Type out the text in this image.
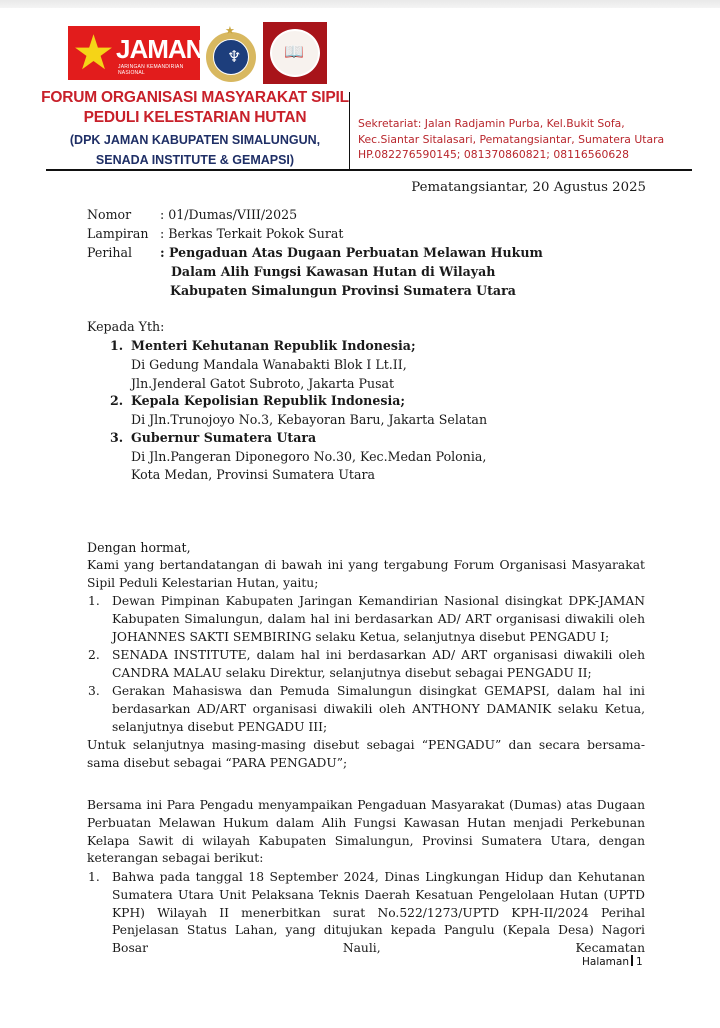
★ JAMAN
JARINGAN KEMANDIRIAN NASIONAL
★
♆	📖
FORUM ORGANISASI MASYARAKAT SIPIL
PEDULI KELESTARIAN HUTAN
(DPK JAMAN KABUPATEN SIMALUNGUN,
SENADA INSTITUTE & GEMAPSI)
Sekretariat: Jalan Radjamin Purba, Kel.Bukit Sofa,
Kec.Siantar Sitalasari, Pematangsiantar, Sumatera Utara
HP.082276590145; 081370860821; 08116560628
Pematangsiantar, 20 Agustus 2025
Nomor : 01/Dumas/VIII/2025
Lampiran : Berkas Terkait Pokok Surat
Perihal : Pengaduan Atas Dugaan Perbuatan Melawan Hukum
Dalam Alih Fungsi Kawasan Hutan di Wilayah
Kabupaten Simalungun Provinsi Sumatera Utara
Kepada Yth:
1. Menteri Kehutanan Republik Indonesia;
Di Gedung Mandala Wanabakti Blok I Lt.II,
Jln.Jenderal Gatot Subroto, Jakarta Pusat
2. Kepala Kepolisian Republik Indonesia;
Di Jln.Trunojoyo No.3, Kebayoran Baru, Jakarta Selatan
3. Gubernur Sumatera Utara
Di Jln.Pangeran Diponegoro No.30, Kec.Medan Polonia,
Kota Medan, Provinsi Sumatera Utara
Dengan hormat,
Kami yang bertandatangan di bawah ini yang tergabung Forum Organisasi Masyarakat Sipil Peduli Kelestarian Hutan, yaitu;
1. Dewan Pimpinan Kabupaten Jaringan Kemandirian Nasional disingkat DPK-JAMAN Kabupaten Simalungun, dalam hal ini berdasarkan AD/ ART organisasi diwakili oleh JOHANNES SAKTI SEMBIRING selaku Ketua, selanjutnya disebut PENGADU I;
2. SENADA INSTITUTE, dalam hal ini berdasarkan AD/ ART organisasi diwakili oleh CANDRA MALAU selaku Direktur, selanjutnya disebut sebagai PENGADU II;
3. Gerakan Mahasiswa dan Pemuda Simalungun disingkat GEMAPSI, dalam hal ini berdasarkan AD/ART organisasi diwakili oleh ANTHONY DAMANIK selaku Ketua, selanjutnya disebut PENGADU III;
Untuk selanjutnya masing-masing disebut sebagai “PENGADU” dan secara bersama-sama disebut sebagai “PARA PENGADU”;
Bersama ini Para Pengadu menyampaikan Pengaduan Masyarakat (Dumas) atas Dugaan Perbuatan Melawan Hukum dalam Alih Fungsi Kawasan Hutan menjadi Perkebunan Kelapa Sawit di wilayah Kabupaten Simalungun, Provinsi Sumatera Utara, dengan keterangan sebagai berikut:
1. Bahwa pada tanggal 18 September 2024, Dinas Lingkungan Hidup dan Kehutanan Sumatera Utara Unit Pelaksana Teknis Daerah Kesatuan Pengelolaan Hutan (UPTD KPH) Wilayah II menerbitkan surat No.522/1273/UPTD KPH-II/2024 Perihal Penjelasan Status Lahan, yang ditujukan kepada Pangulu (Kepala Desa) Nagori Bosar Nauli, Kecamatan
Halaman 1
